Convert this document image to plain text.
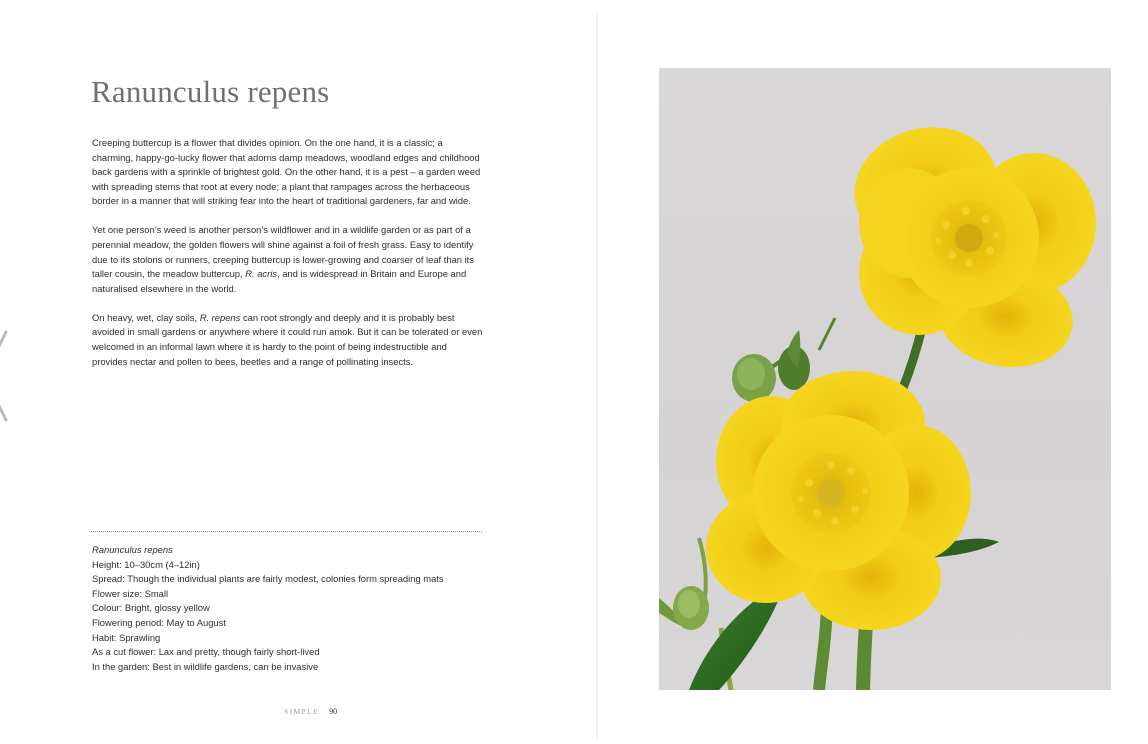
Ranunculus repens

Creeping buttercup is a flower that divides opinion. On the one hand, it is a classic; a charming, happy-go-lucky flower that adorns damp meadows, woodland edges and childhood back gardens with a sprinkle of brightest gold. On the other hand, it is a pest – a garden weed with spreading stems that root at every node; a plant that rampages across the herbaceous border in a manner that will striking fear into the heart of traditional gardeners, far and wide.

Yet one person’s weed is another person’s wildflower and in a wildlife garden or as part of a perennial meadow, the golden flowers will shine against a foil of fresh grass. Easy to identify due to its stolons or runners, creeping buttercup is lower-growing and coarser of leaf than its taller cousin, the meadow buttercup, R. acris, and is widespread in Britain and Europe and naturalised elsewhere in the world.

On heavy, wet, clay soils, R. repens can root strongly and deeply and it is probably best avoided in small gardens or anywhere where it could run amok. But it can be tolerated or even welcomed in an informal lawn where it is hardy to the point of being indestructible and provides nectar and pollen to bees, beetles and a range of pollinating insects.

Ranunculus repens
Height: 10–30cm (4–12in)
Spread: Though the individual plants are fairly modest, colonies form spreading mats
Flower size: Small
Colour: Bright, glossy yellow
Flowering period: May to August
Habit: Sprawling
As a cut flower: Lax and pretty, though fairly short-lived
In the garden: Best in wildlife gardens, can be invasive
SIMPLE 90
